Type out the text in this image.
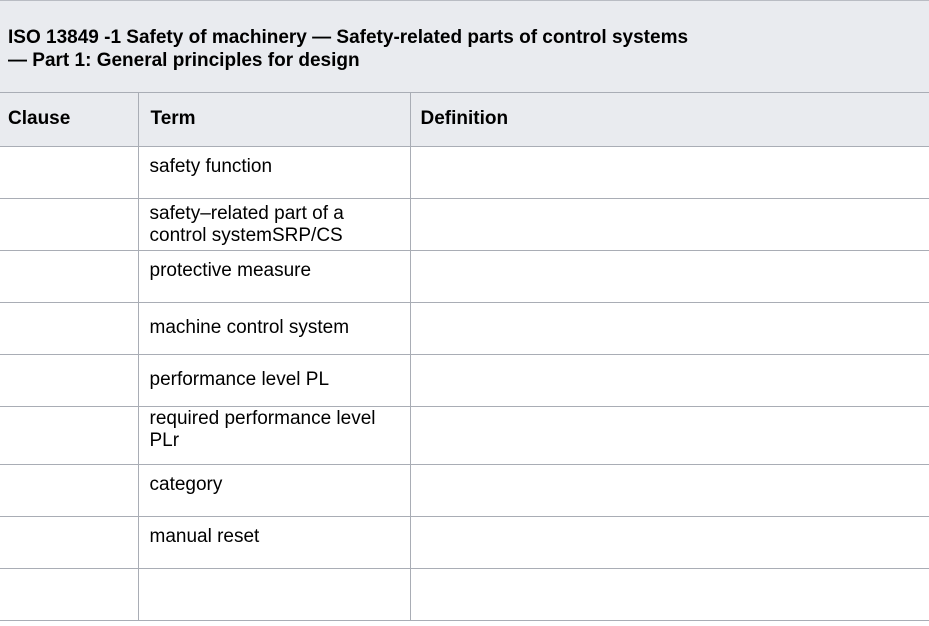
ISO 13849 -1 Safety of machinery — Safety-related parts of control systems
— Part 1: General principles for design
Clause	Term	Definition

	safety function	

	safety–related part of a control systemSRP/CS	

	protective measure	

	machine control system	

	performance level PL	

	required performance level PLr	

	category	

	manual reset	
